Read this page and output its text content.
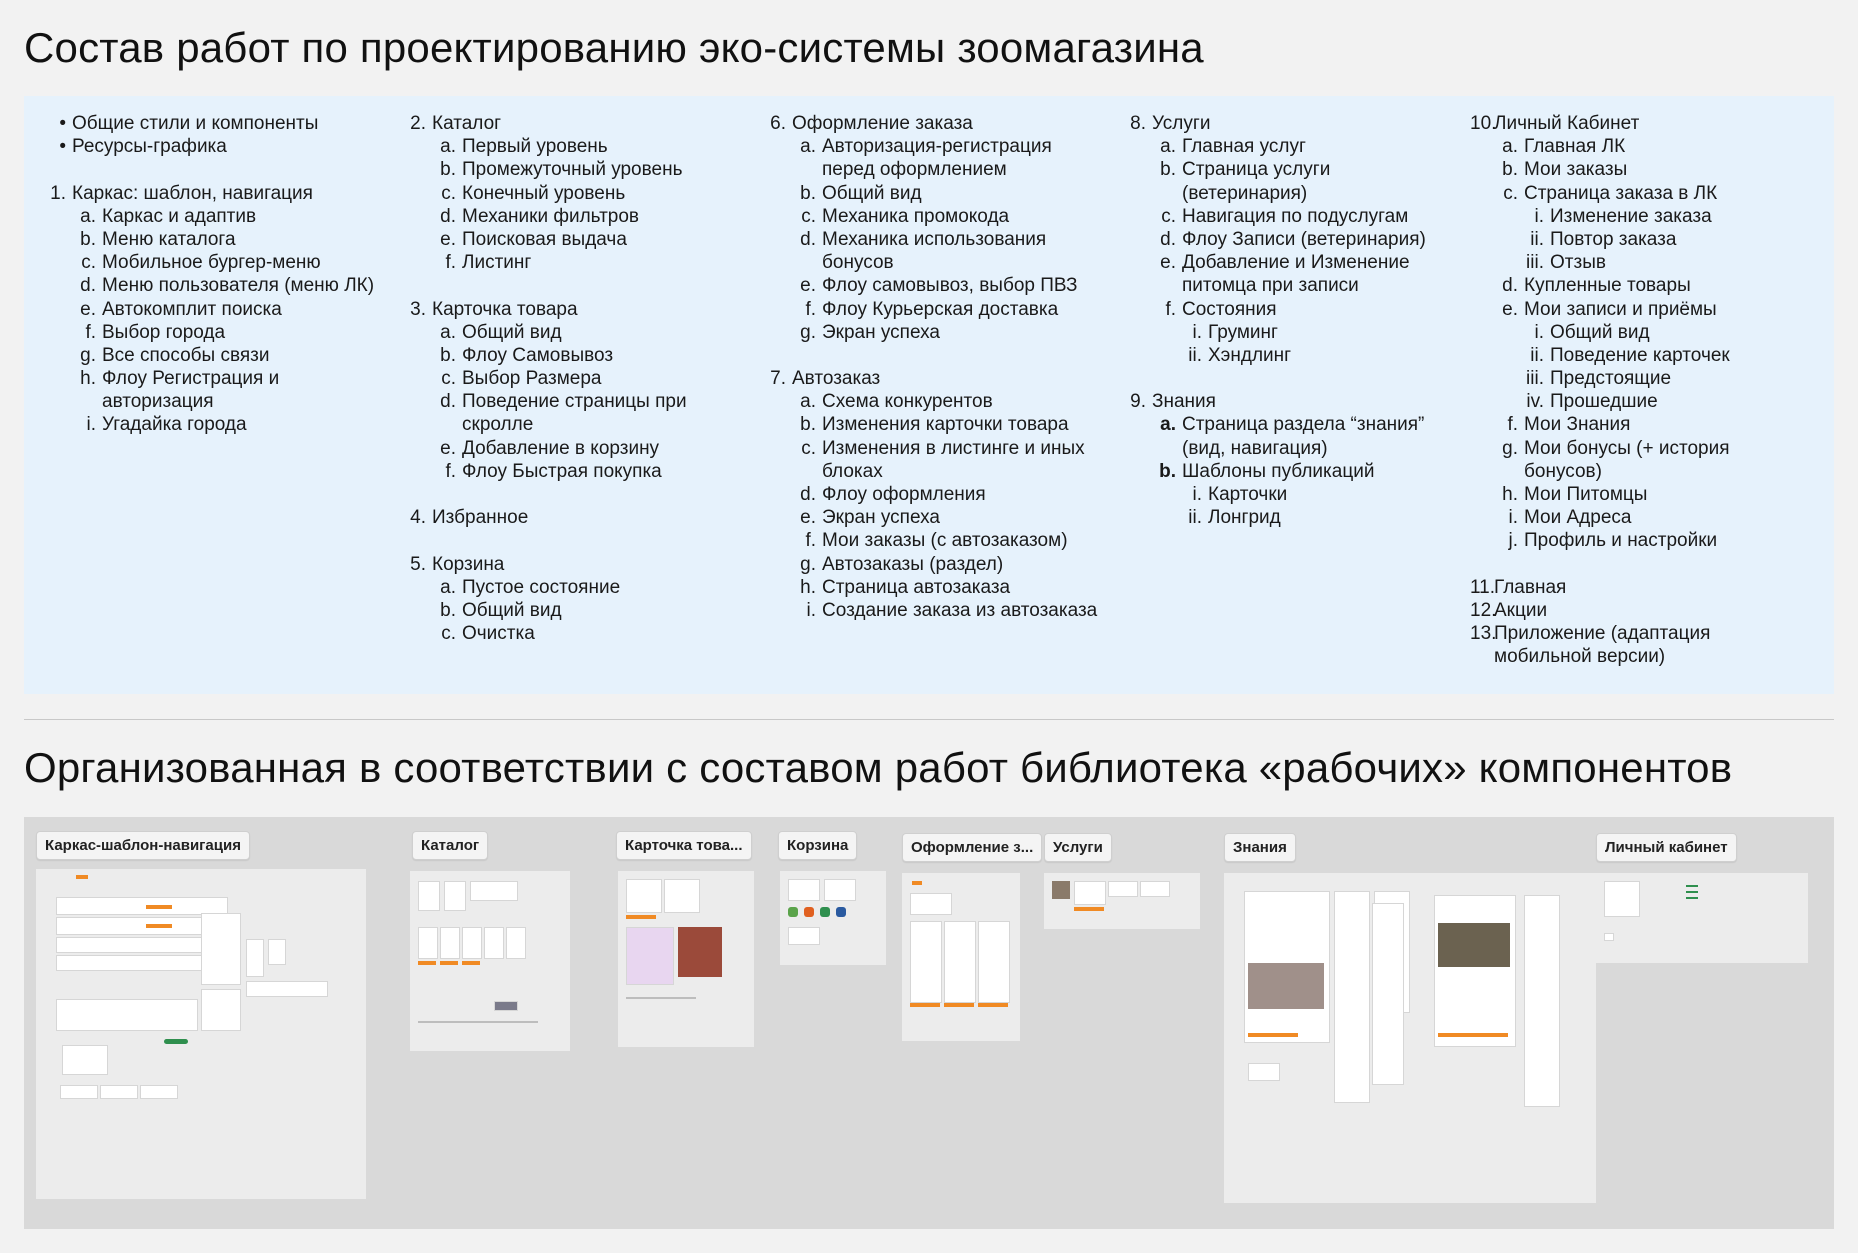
Состав работ по проектированию эко-системы зоомагазина
• Общие стили и компоненты
• Ресурсы-графика
1. Каркас: шаблон, навигация
a. Каркас и адаптив
b. Меню каталога
c. Мобильное бургер-меню
d. Меню пользователя (меню ЛК)
e. Автокомплит поиска
f. Выбор города
g. Все способы связи
h. Флоу Регистрация и
авторизация
i. Угадайка города
2. Каталог
a. Первый уровень
b. Промежуточный уровень
c. Конечный уровень
d. Механики фильтров
e. Поисковая выдача
f. Листинг
3. Карточка товара
a. Общий вид
b. Флоу Самовывоз
c. Выбор Размера
d. Поведение страницы при
скролле
e. Добавление в корзину
f. Флоу Быстрая покупка
4. Избранное
5. Корзина
a. Пустое состояние
b. Общий вид
c. Очистка
6. Оформление заказа
a. Авторизация-регистрация
перед оформлением
b. Общий вид
c. Механика промокода
d. Механика использования
бонусов
e. Флоу самовывоз, выбор ПВЗ
f. Флоу Курьерская доставка
g. Экран успеха
7. Автозаказ
a. Схема конкурентов
b. Изменения карточки товара
c. Изменения в листинге и иных
блоках
d. Флоу оформления
e. Экран успеха
f. Мои заказы (с автозаказом)
g. Автозаказы (раздел)
h. Страница автозаказа
i. Создание заказа из автозаказа
8. Услуги
a. Главная услуг
b. Страница услуги
(ветеринария)
c. Навигация по подуслугам
d. Флоу Записи (ветеринария)
e. Добавление и Изменение
питомца при записи
f. Состояния
i. Груминг
ii. Хэндлинг
9. Знания
a. Страница раздела “знания”
(вид, навигация)
b. Шаблоны публикаций
i. Карточки
ii. Лонгрид
10.
Личный Кабинет
a. Главная ЛК
b. Мои заказы
c. Страница заказа в ЛК
i. Изменение заказа
ii. Повтор заказа
iii. Отзыв
d. Купленные товары
e. Мои записи и приёмы
i. Общий вид
ii. Поведение карточек
iii. Предстоящие
iv. Прошедшие
f. Мои Знания
g. Мои бонусы (+ история
бонусов)
h. Мои Питомцы
i. Мои Адреса
j. Профиль и настройки
11.
Главная
12.
Акции
13.
Приложение (адаптация
мобильной версии)
Организованная в соответствии с составом работ библиотека «рабочих» компонентов
Каркас-шаблон-навигация	Каталог	Карточка това...	Корзина	Оформление з...	Услуги	Знания	Личный кабинет
